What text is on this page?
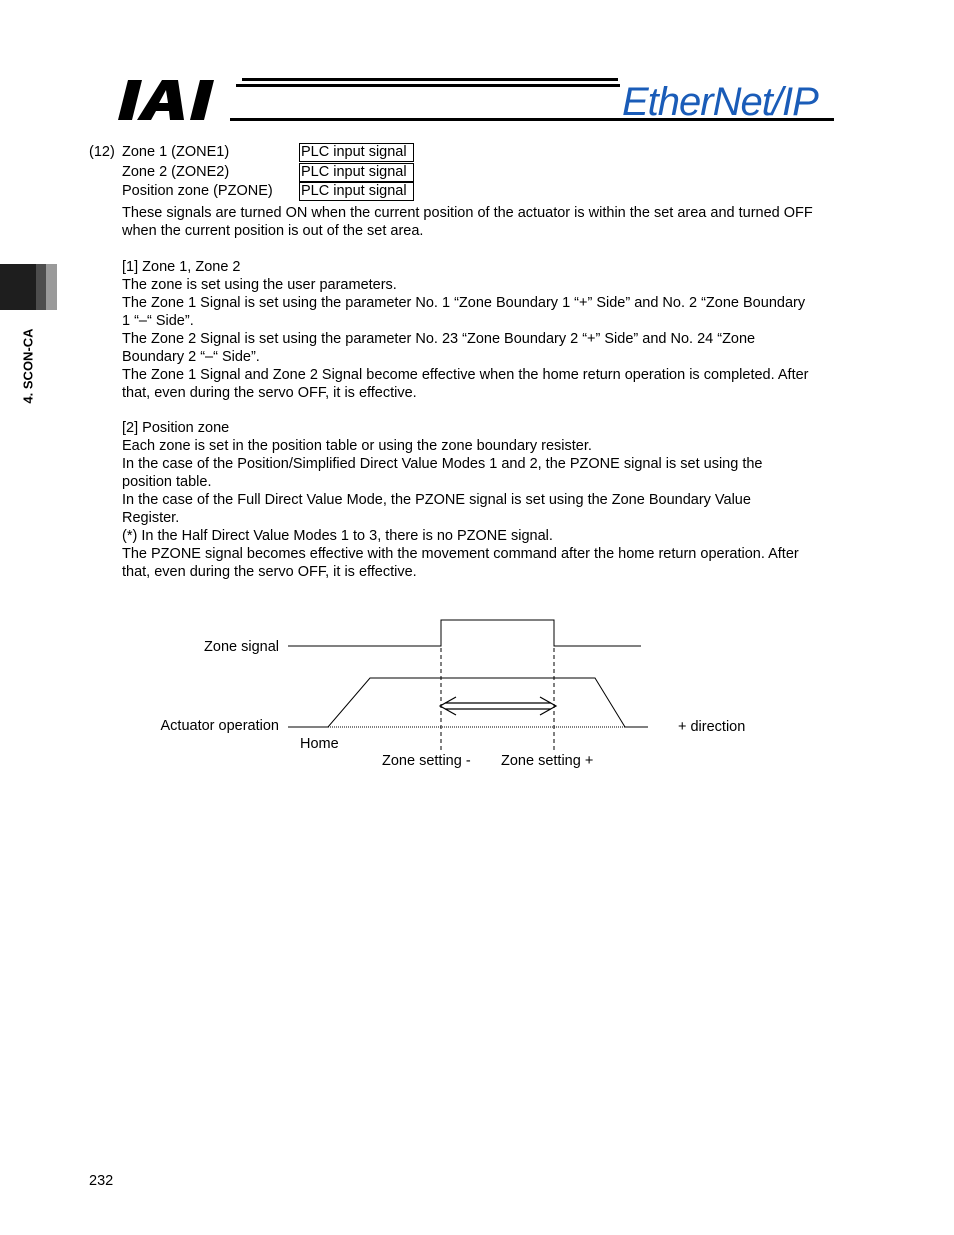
EtherNet/IP
4. SCON-CA
(12) Zone 1 (ZONE1)	PLC input signal
Zone 2 (ZONE2)	PLC input signal
Position zone (PZONE) PLC input signal

These signals are turned ON when the current position of the actuator is within the set area and turned OFF

when the current position is out of the set area.

[1] Zone 1, Zone 2

The zone is set using the user parameters.

The Zone 1 Signal is set using the parameter No. 1 “Zone Boundary 1 “+” Side” and No. 2 “Zone Boundary

1 “–“ Side”.

The Zone 2 Signal is set using the parameter No. 23 “Zone Boundary 2 “+” Side” and No. 24 “Zone

Boundary 2 “–“ Side”.

The Zone 1 Signal and Zone 2 Signal become effective when the home return operation is completed. After

that, even during the servo OFF, it is effective.

[2] Position zone

Each zone is set in the position table or using the zone boundary resister.

In the case of the Position/Simplified Direct Value Modes 1 and 2, the PZONE signal is set using the

position table.

In the case of the Full Direct Value Mode, the PZONE signal is set using the Zone Boundary Value

Register.

(*) In the Half Direct Value Modes 1 to 3, there is no PZONE signal.

The PZONE signal becomes effective with the movement command after the home return operation. After

that, even during the servo OFF, it is effective.

Zone signal
Actuator operation
Home
+ direction
Zone setting - Zone setting +
232
